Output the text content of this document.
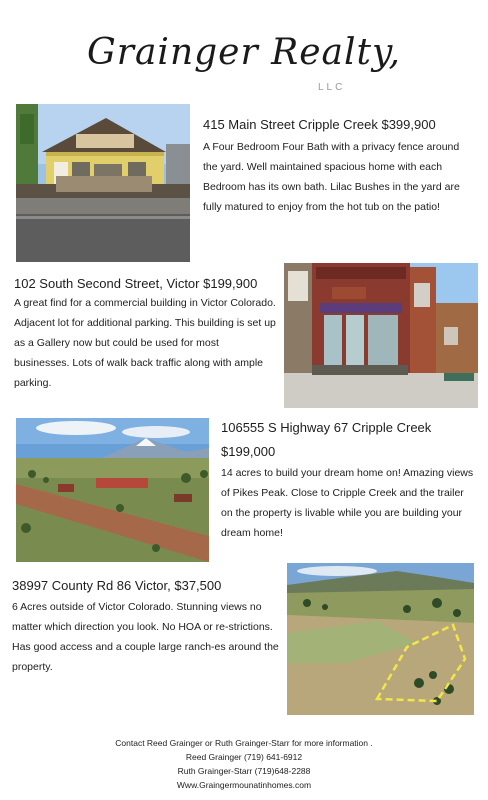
Grainger Realty,
LLC
415 Main Street Cripple Creek $399,900

A Four Bedroom Four Bath with a privacy fence around the yard. Well maintained spacious home with each Bedroom has its own bath. Lilac Bushes in the yard are fully matured to enjoy from the hot tub on the patio!

102 South Second Street, Victor $199,900

A great find for a commercial building in Victor Colorado. Adjacent lot for additional parking. This building is set up as a Gallery now but could be used for most businesses. Lots of walk back traffic along with ample parking.

106555 S Highway 67 Cripple Creek
$199,000

14 acres to build your dream home on! Amazing views of Pikes Peak. Close to Cripple Creek and the trailer on the property is livable while you are building your dream home!

38997 County Rd 86 Victor, $37,500

6 Acres outside of Victor Colorado. Stunning views no matter which direction you look. No HOA or re-strictions. Has good access and a couple large ranch-es around the property.

Contact Reed Grainger or Ruth Grainger-Starr for more information .
Reed Grainger (719) 641-6912
Ruth Grainger-Starr (719)648-2288
Www.Graingermounatinhomes.com
